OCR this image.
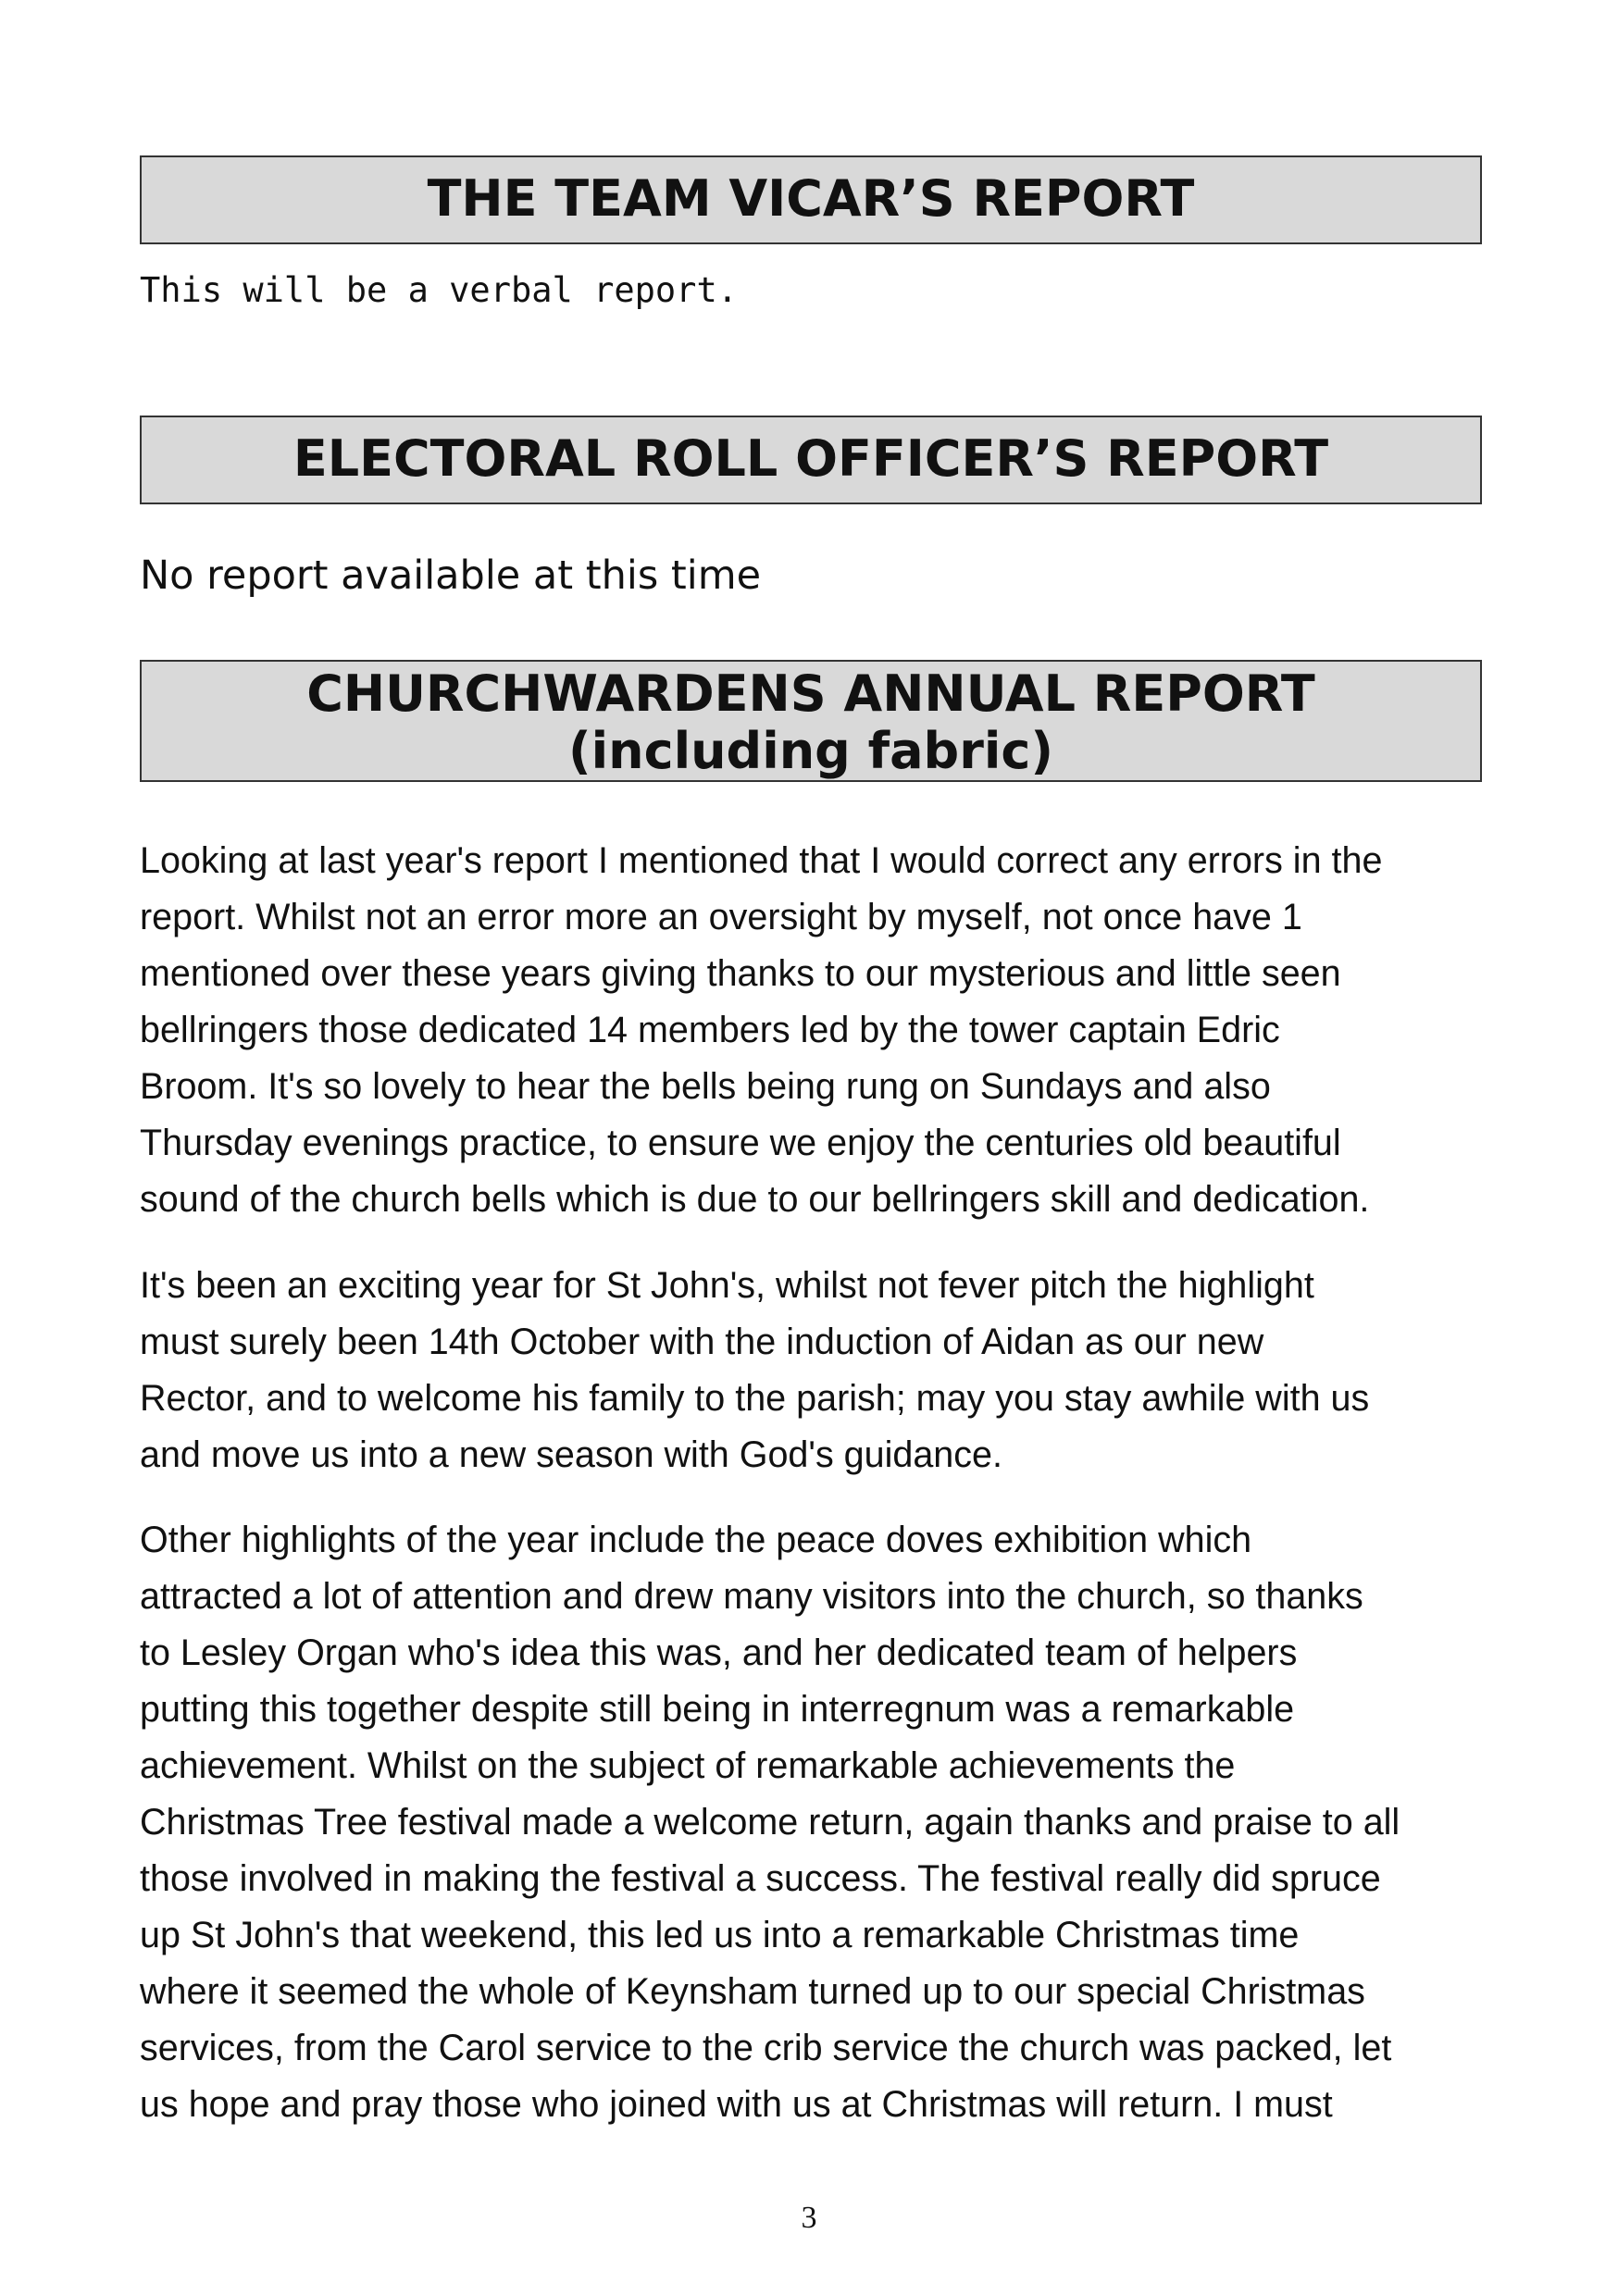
THE TEAM VICAR’S REPORT
This will be a verbal report.
ELECTORAL ROLL OFFICER’S REPORT
No report available at this time
CHURCHWARDENS ANNUAL REPORT
(including fabric)
Looking at last year's report I mentioned that I would correct any errors in the
report. Whilst not an error more an oversight by myself, not once have 1
mentioned over these years giving thanks to our mysterious and little seen
bellringers those dedicated 14 members led by the tower captain Edric
Broom. It's so lovely to hear the bells being rung on Sundays and also
Thursday evenings practice, to ensure we enjoy the centuries old beautiful
sound of the church bells which is due to our bellringers skill and dedication.
It's been an exciting year for St John's, whilst not fever pitch the highlight
must surely been 14th October with the induction of Aidan as our new
Rector, and to welcome his family to the parish; may you stay awhile with us
and move us into a new season with God's guidance.
Other highlights of the year include the peace doves exhibition which
attracted a lot of attention and drew many visitors into the church, so thanks
to Lesley Organ who's idea this was, and her dedicated team of helpers
putting this together despite still being in interregnum was a remarkable
achievement. Whilst on the subject of remarkable achievements the
Christmas Tree festival made a welcome return, again thanks and praise to all
those involved in making the festival a success. The festival really did spruce
up St John's that weekend, this led us into a remarkable Christmas time
where it seemed the whole of Keynsham turned up to our special Christmas
services, from the Carol service to the crib service the church was packed, let
us hope and pray those who joined with us at Christmas will return. I must
3
